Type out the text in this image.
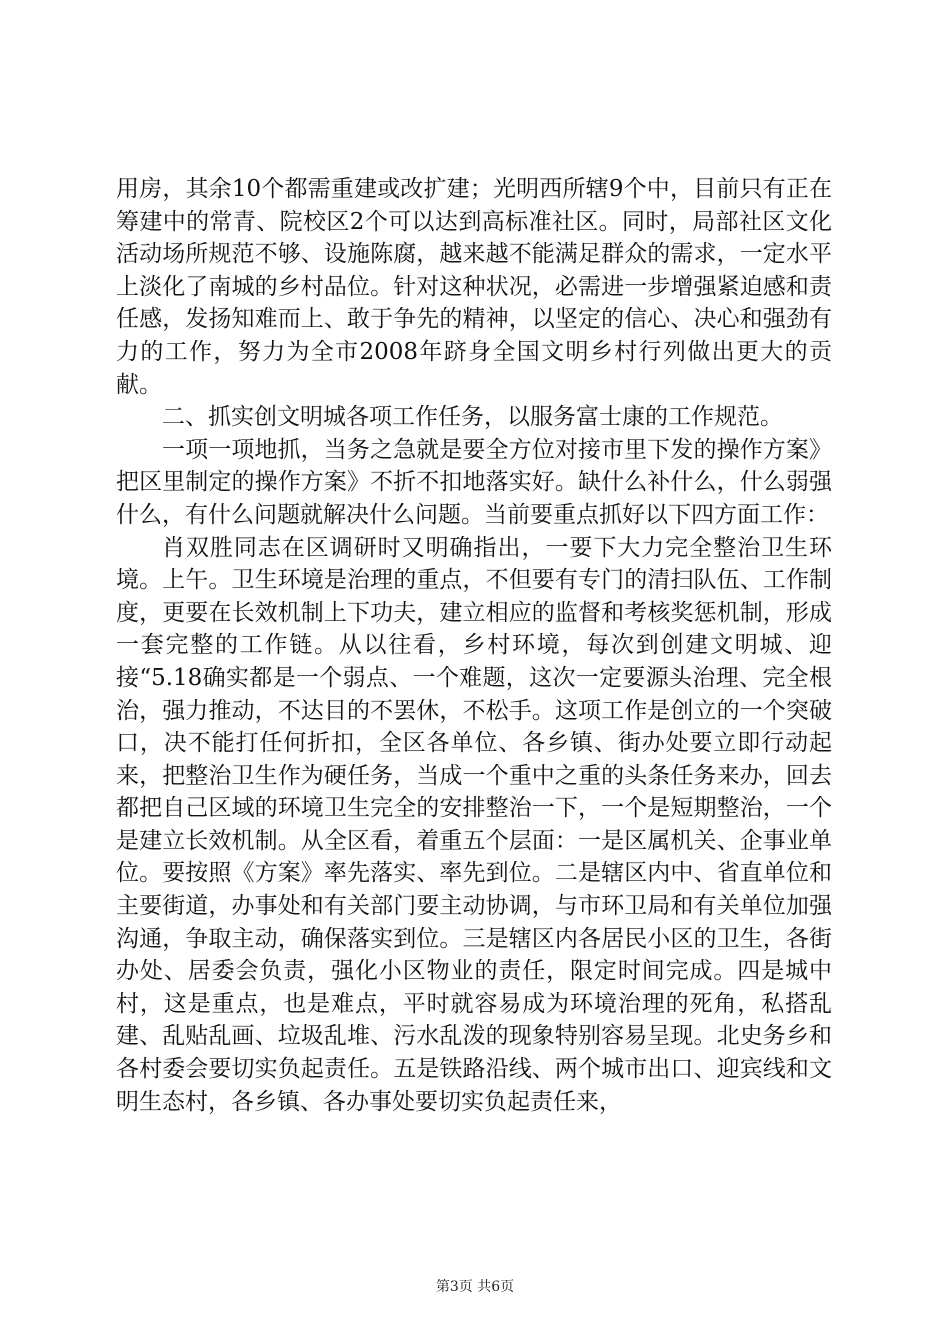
用房，其余10个都需重建或改扩建；光明西所辖9个中，目前只有正在筹建中的常青、院校区2个可以达到高标准社区。同时，局部社区文化活动场所规范不够、设施陈腐，越来越不能满足群众的需求，一定水平上淡化了南城的乡村品位。针对这种状况，必需进一步增强紧迫感和责任感，发扬知难而上、敢于争先的精神，以坚定的信心、决心和强劲有力的工作，努力为全市2008年跻身全国文明乡村行列做出更大的贡献。

二、抓实创文明城各项工作任务，以服务富士康的工作规范。

一项一项地抓，当务之急就是要全方位对接市里下发的操作方案》把区里制定的操作方案》不折不扣地落实好。缺什么补什么，什么弱强什么，有什么问题就解决什么问题。当前要重点抓好以下四方面工作：

肖双胜同志在区调研时又明确指出，一要下大力完全整治卫生环境。上午。卫生环境是治理的重点，不但要有专门的清扫队伍、工作制度，更要在长效机制上下功夫，建立相应的监督和考核奖惩机制，形成一套完整的工作链。从以往看，乡村环境，每次到创建文明城、迎接“5.18确实都是一个弱点、一个难题，这次一定要源头治理、完全根治，强力推动，不达目的不罢休，不松手。这项工作是创立的一个突破口，决不能打任何折扣，全区各单位、各乡镇、街办处要立即行动起来，把整治卫生作为硬任务，当成一个重中之重的头条任务来办，回去都把自己区域的环境卫生完全的安排整治一下，一个是短期整治，一个是建立长效机制。从全区看，着重五个层面：一是区属机关、企事业单位。要按照《方案》率先落实、率先到位。二是辖区内中、省直单位和主要街道，办事处和有关部门要主动协调，与市环卫局和有关单位加强沟通，争取主动，确保落实到位。三是辖区内各居民小区的卫生，各街办处、居委会负责，强化小区物业的责任，限定时间完成。四是城中村，这是重点，也是难点，平时就容易成为环境治理的死角，私搭乱建、乱贴乱画、垃圾乱堆、污水乱泼的现象特别容易呈现。北史务乡和各村委会要切实负起责任。五是铁路沿线、两个城市出口、迎宾线和文明生态村，各乡镇、各办事处要切实负起责任来，

第3页 共6页
